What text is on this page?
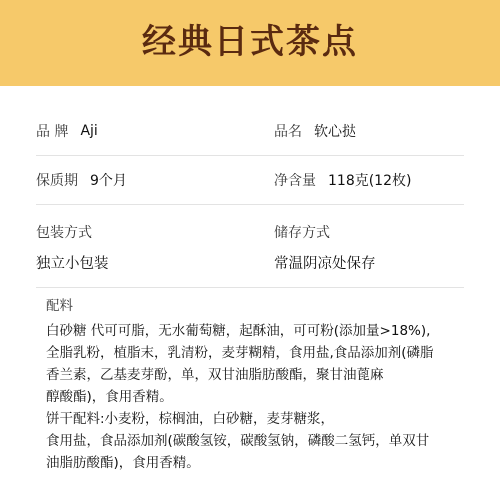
经典日式茶点
品 牌 Aji	品名 软心挞
保质期 9个月	净含量 118克(12枚)
包装方式
独立小包装
储存方式
常温阴凉处保存
配料
白砂糖 代可可脂，无水葡萄糖，起酥油，可可粉(添加量>18%),
全脂乳粉，植脂末，乳清粉，麦芽糊精，食用盐,食品添加剂(磷脂
香兰素，乙基麦芽酚，单，双甘油脂肪酸酯，聚甘油蓖麻
醇酸酯)，食用香精。
饼干配料:小麦粉，棕榈油，白砂糖，麦芽糖浆，
食用盐，食品添加剂(碳酸氢铵，碳酸氢钠，磷酸二氢钙，单双甘
油脂肪酸酯)，食用香精。
